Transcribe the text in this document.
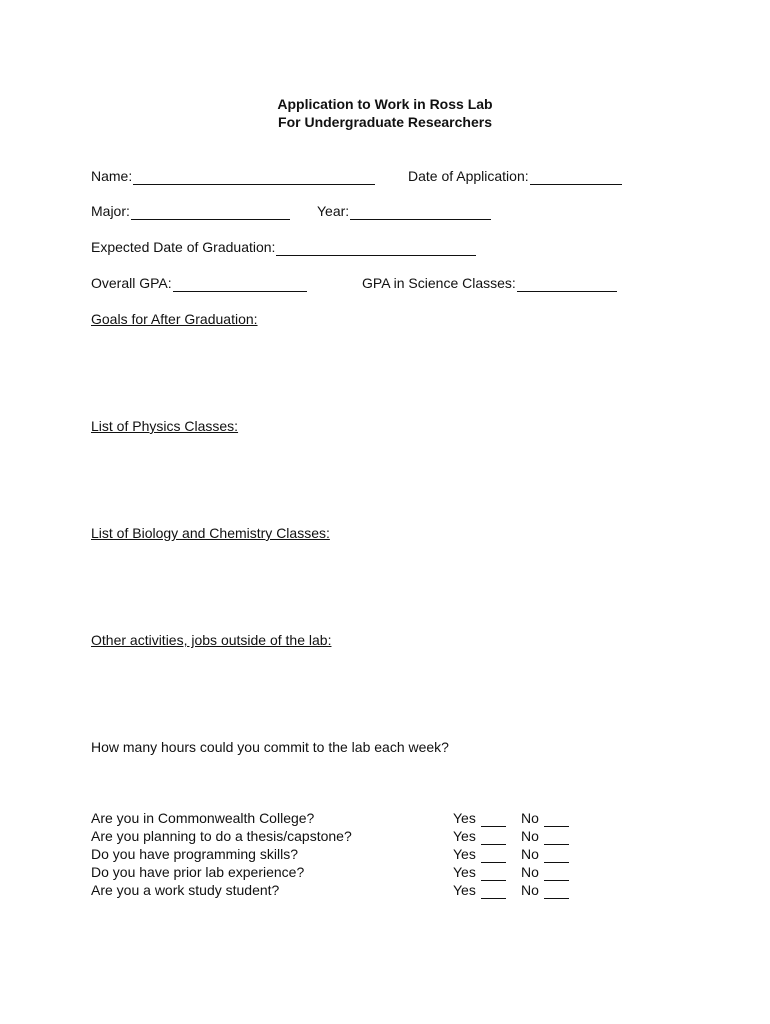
Application to Work in Ross Lab
For Undergraduate Researchers
Name:	Date of Application:
Major:	Year:
Expected Date of Graduation:
Overall GPA:	GPA in Science Classes:
Goals for After Graduation:
List of Physics Classes:
List of Biology and Chemistry Classes:
Other activities, jobs outside of the lab:
How many hours could you commit to the lab each week?
Are you in Commonwealth College?	Yes	No
Are you planning to do a thesis/capstone?	Yes	No
Do you have programming skills?	Yes	No
Do you have prior lab experience?	Yes	No
Are you a work study student?	Yes	No
